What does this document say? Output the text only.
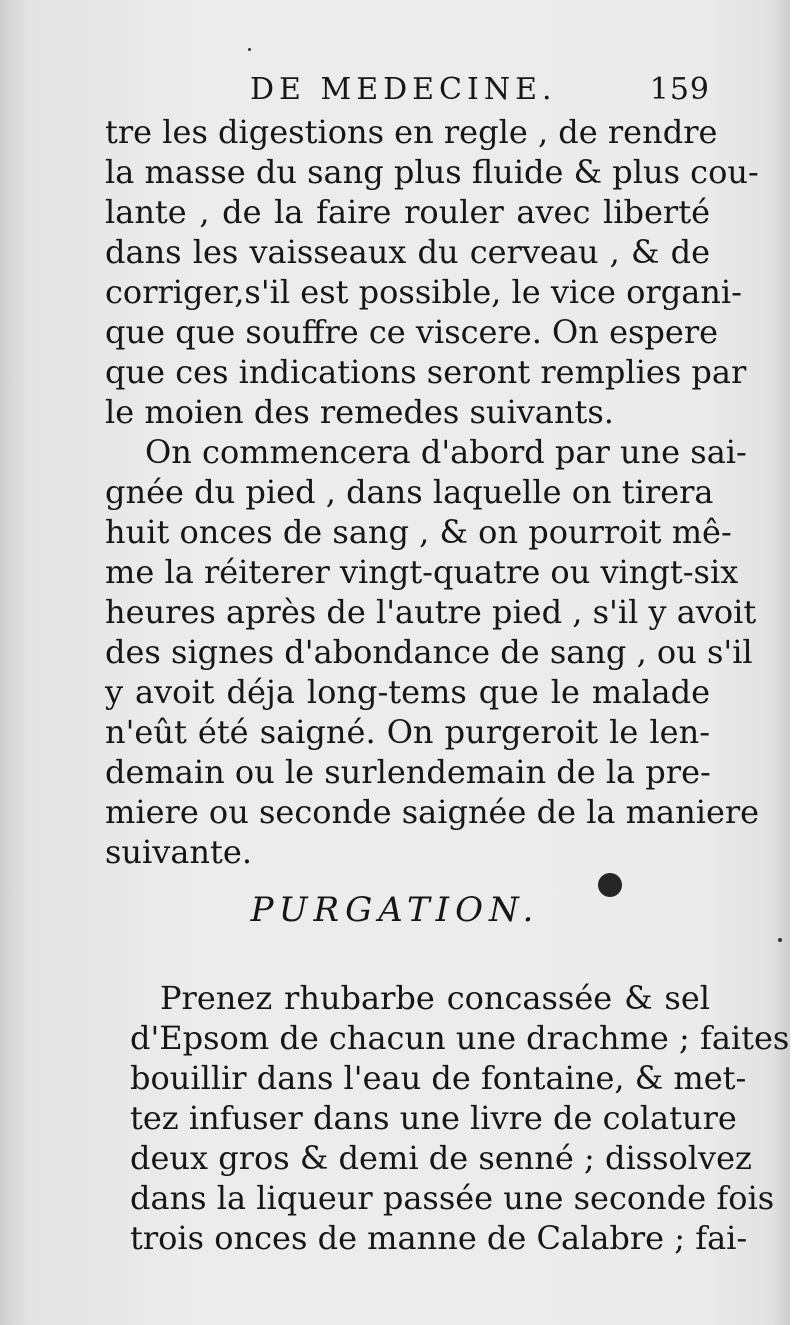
DE MEDECINE.	159
tre les digestions en regle , de rendre
la masse du sang plus fluide & plus cou-
lante , de la faire rouler avec liberté
dans les vaisseaux du cerveau , & de
corriger,s'il est possible, le vice organi-
que que souffre ce viscere. On espere
que ces indications seront remplies par
le moien des remedes suivants.
On commencera d'abord par une sai-
gnée du pied , dans laquelle on tirera
huit onces de sang , & on pourroit mê-
me la réiterer vingt-quatre ou vingt-six
heures après de l'autre pied , s'il y avoit
des signes d'abondance de sang , ou s'il
y avoit déja long-tems que le malade
n'eût été saigné. On purgeroit le len-
demain ou le surlendemain de la pre-
miere ou seconde saignée de la maniere
suivante.
PURGATION.
Prenez rhubarbe concassée & sel
d'Epsom de chacun une drachme ; faites
bouillir dans l'eau de fontaine, & met-
tez infuser dans une livre de colature
deux gros & demi de senné ; dissolvez
dans la liqueur passée une seconde fois
trois onces de manne de Calabre ; fai-
